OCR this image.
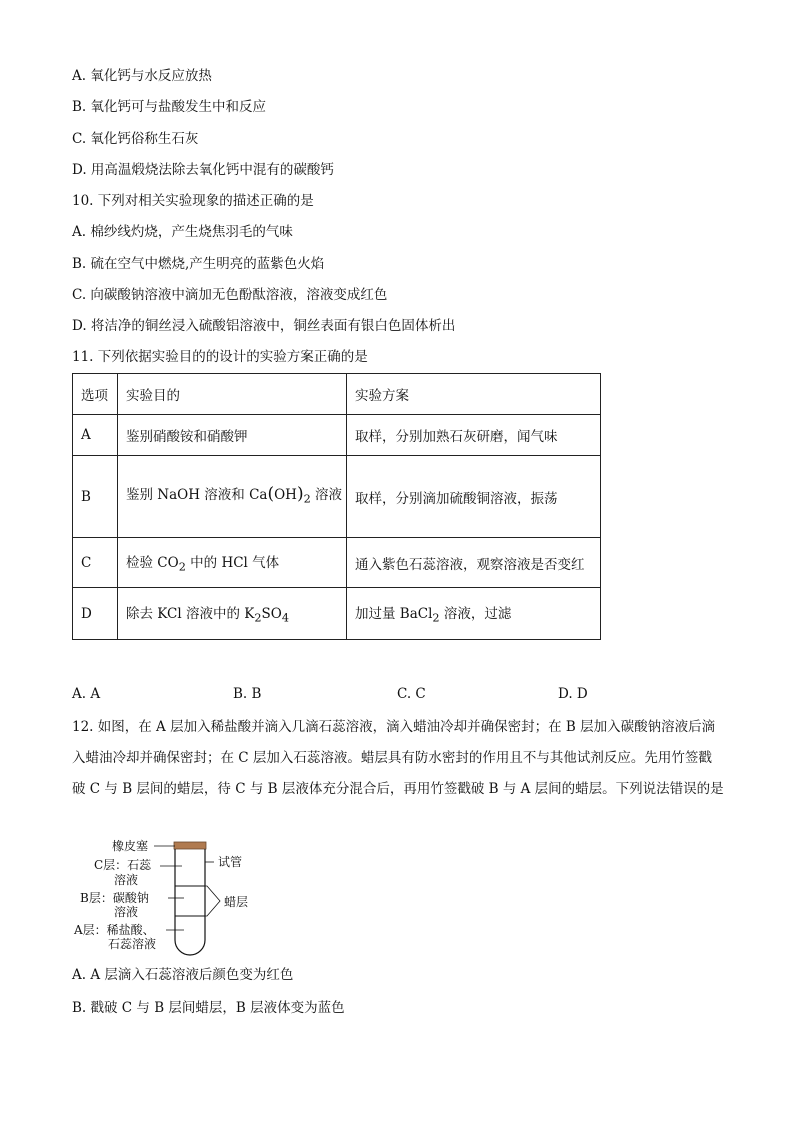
A. 氧化钙与水反应放热
B. 氧化钙可与盐酸发生中和反应
C. 氧化钙俗称生石灰
D. 用高温煅烧法除去氧化钙中混有的碳酸钙
10. 下列对相关实验现象的描述正确的是
A. 棉纱线灼烧，产生烧焦羽毛的气味
B. 硫在空气中燃烧,产生明亮的蓝紫色火焰
C. 向碳酸钠溶液中滴加无色酚酞溶液，溶液变成红色
D. 将洁净的铜丝浸入硫酸铝溶液中，铜丝表面有银白色固体析出
11. 下列依据实验目的的设计的实验方案正确的是
选项	实验目的	实验方案
A	鉴别硝酸铵和硝酸钾	取样，分别加熟石灰研磨，闻气味
B	鉴别 NaOH 溶液和 $Ca(OH)_2$ 溶液	取样，分别滴加硫酸铜溶液，振荡
C	检验 $CO_2$ 中的 HCl 气体	通入紫色石蕊溶液，观察溶液是否变红
D	除去 KCl 溶液中的 $K_2SO_4$	加过量 BaCl$_2$ 溶液，过滤
A. A	B. B	C. C	D. D
12. 如图，在 A 层加入稀盐酸并滴入几滴石蕊溶液，滴入蜡油冷却并确保密封；在 B 层加入碳酸钠溶液后滴入蜡油冷却并确保密封；在 C 层加入石蕊溶液。蜡层具有防水密封的作用且不与其他试剂反应。先用竹签戳破 C 与 B 层间的蜡层，待 C 与 B 层液体充分混合后，再用竹签戳破 B 与 A 层间的蜡层。下列说法错误的是
橡皮塞
试管
C层：石蕊
溶液
B层：碳酸钠
溶液
A层：稀盐酸、
石蕊溶液
蜡层
A. A 层滴入石蕊溶液后颜色变为红色
B. 戳破 C 与 B 层间蜡层，B 层液体变为蓝色
